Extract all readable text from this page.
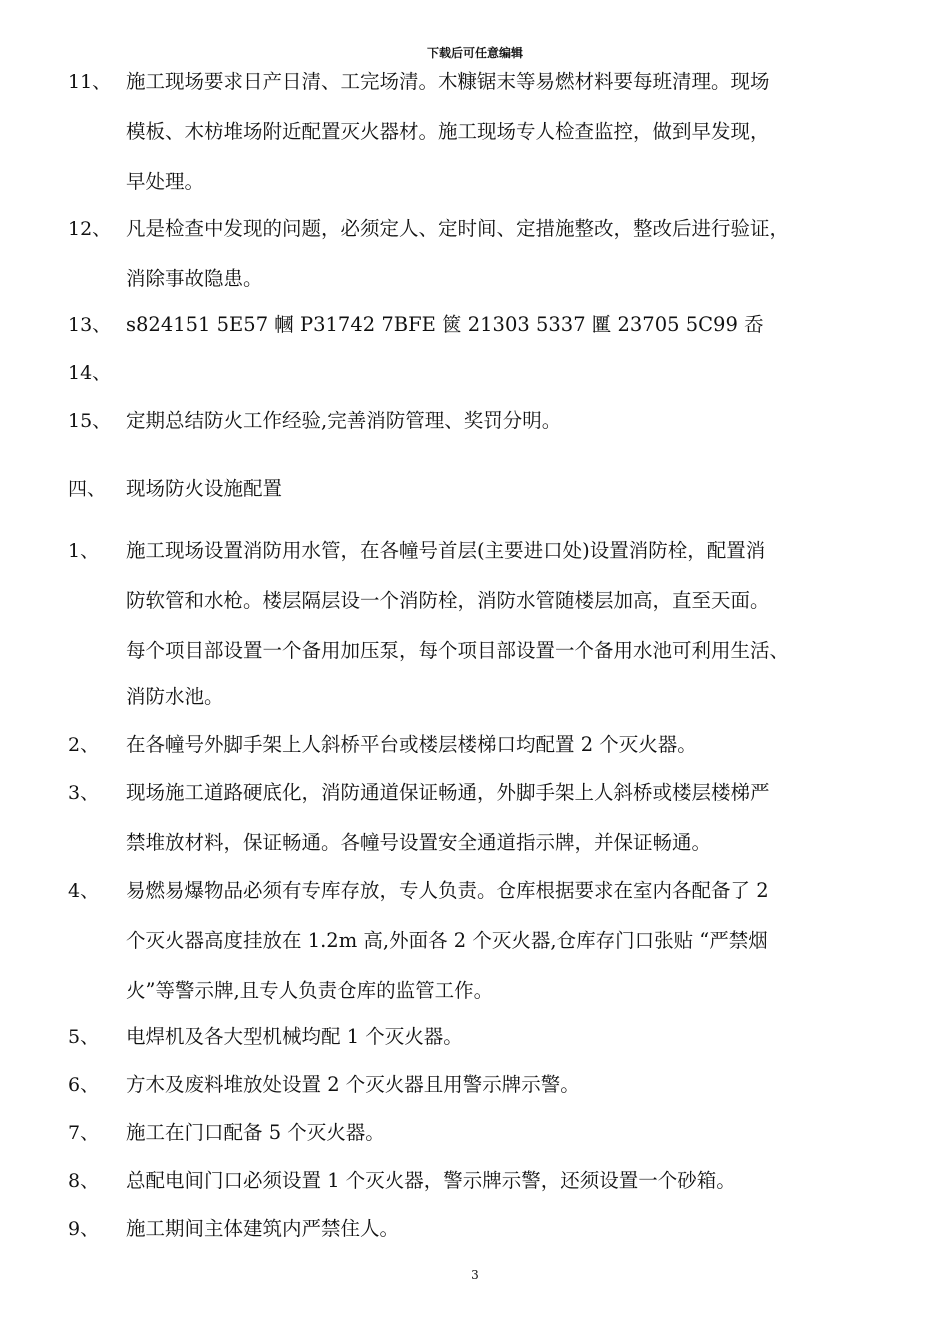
下载后可任意编辑
11、 施工现场要求日产日清、工完场清。木糠锯末等易燃材料要每班清理。现场
模板、木枋堆场附近配置灭火器材。施工现场专人检查监控，做到早发现，
早处理。
12、 凡是检查中发现的问题，必须定人、定时间、定措施整改，整改后进行验证，
消除事故隐患。
13、 s824151 5E57 幗 P31742 7BFE 篋 21303 5337 匷 23705 5C99 岙
14、
15、 定期总结防火工作经验,完善消防管理、奖罚分明。
四、 现场防火设施配置
1、 施工现场设置消防用水管，在各幢号首层(主要进口处)设置消防栓，配置消
防软管和水枪。楼层隔层设一个消防栓，消防水管随楼层加高，直至天面。
每个项目部设置一个备用加压泵，每个项目部设置一个备用水池可利用生活、
消防水池。
2、 在各幢号外脚手架上人斜桥平台或楼层楼梯口均配置 2 个灭火器。
3、 现场施工道路硬底化，消防通道保证畅通，外脚手架上人斜桥或楼层楼梯严
禁堆放材料，保证畅通。各幢号设置安全通道指示牌，并保证畅通。
4、 易燃易爆物品必须有专库存放，专人负责。仓库根据要求在室内各配备了 2
个灭火器高度挂放在 1.2m 高,外面各 2 个灭火器,仓库存门口张贴 “严禁烟
火”等警示牌,且专人负责仓库的监管工作。
5、 电焊机及各大型机械均配 1 个灭火器。
6、 方木及废料堆放处设置 2 个灭火器且用警示牌示警。
7、 施工在门口配备 5 个灭火器。
8、 总配电间门口必须设置 1 个灭火器，警示牌示警，还须设置一个砂箱。
9、 施工期间主体建筑内严禁住人。
3
